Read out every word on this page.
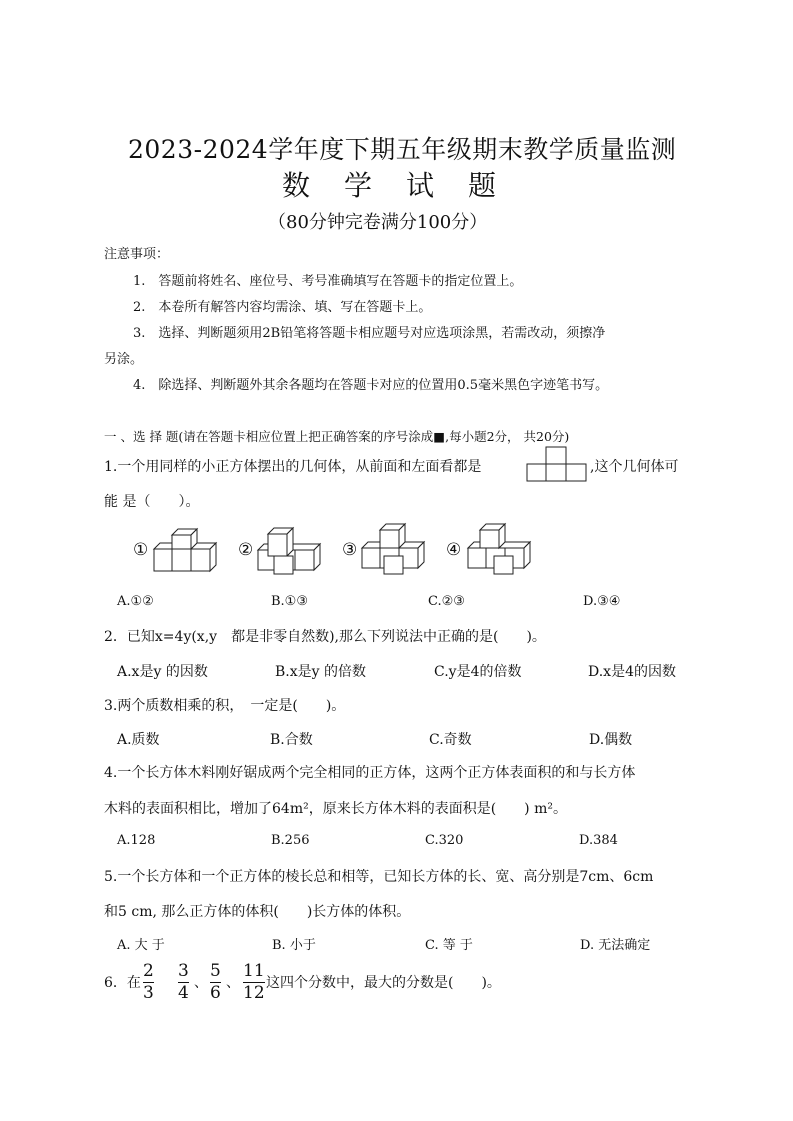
2023-2024学年度下期五年级期末教学质量监测
数学试题
（80分钟完卷满分100分）
注意事项：
1.　答题前将姓名、座位号、考号准确填写在答题卡的指定位置上。
2.　本卷所有解答内容均需涂、填、写在答题卡上。
3.　选择、判断题须用2B铅笔将答题卡相应题号对应选项涂黑，若需改动，须擦净
另涂。
4.　除选择、判断题外其余各题均在答题卡对应的位置用0.5毫米黑色字迹笔书写。
一 、选 择 题(请在答题卡相应位置上把正确答案的序号涂成■,每小题2分， 共20分)
1.一个用同样的小正方体摆出的几何体，从前面和左面看都是	,这个几何体可
能 是（　　）。
①	②	③	④
A.①②	B.①③	C.②③	D.③④
2．已知x=4y(x,y　都是非零自然数),那么下列说法中正确的是(　　)。
A.x是y 的因数	B.x是y 的倍数	C.y是4的倍数	D.x是4的因数
3.两个质数相乘的积，　一定是(　　)。
A.质数	B.合数	C.奇数	D.偶数
4.一个长方体木料刚好锯成两个完全相同的正方体，这两个正方体表面积的和与长方体
木料的表面积相比，增加了64m²，原来长方体木料的表面积是(　　) m²。
A.128	B.256	C.320	D.384
5.一个长方体和一个正方体的棱长总和相等，已知长方体的长、宽、高分别是7cm、6cm
和5 cm, 那么正方体的体积(　　)长方体的体积。
A. 大 于	B. 小于	C. 等 于	D. 无法确定
6．在
2
3
3
4 、
5
6 、
11
12 这四个分数中，最大的分数是(　　)。
